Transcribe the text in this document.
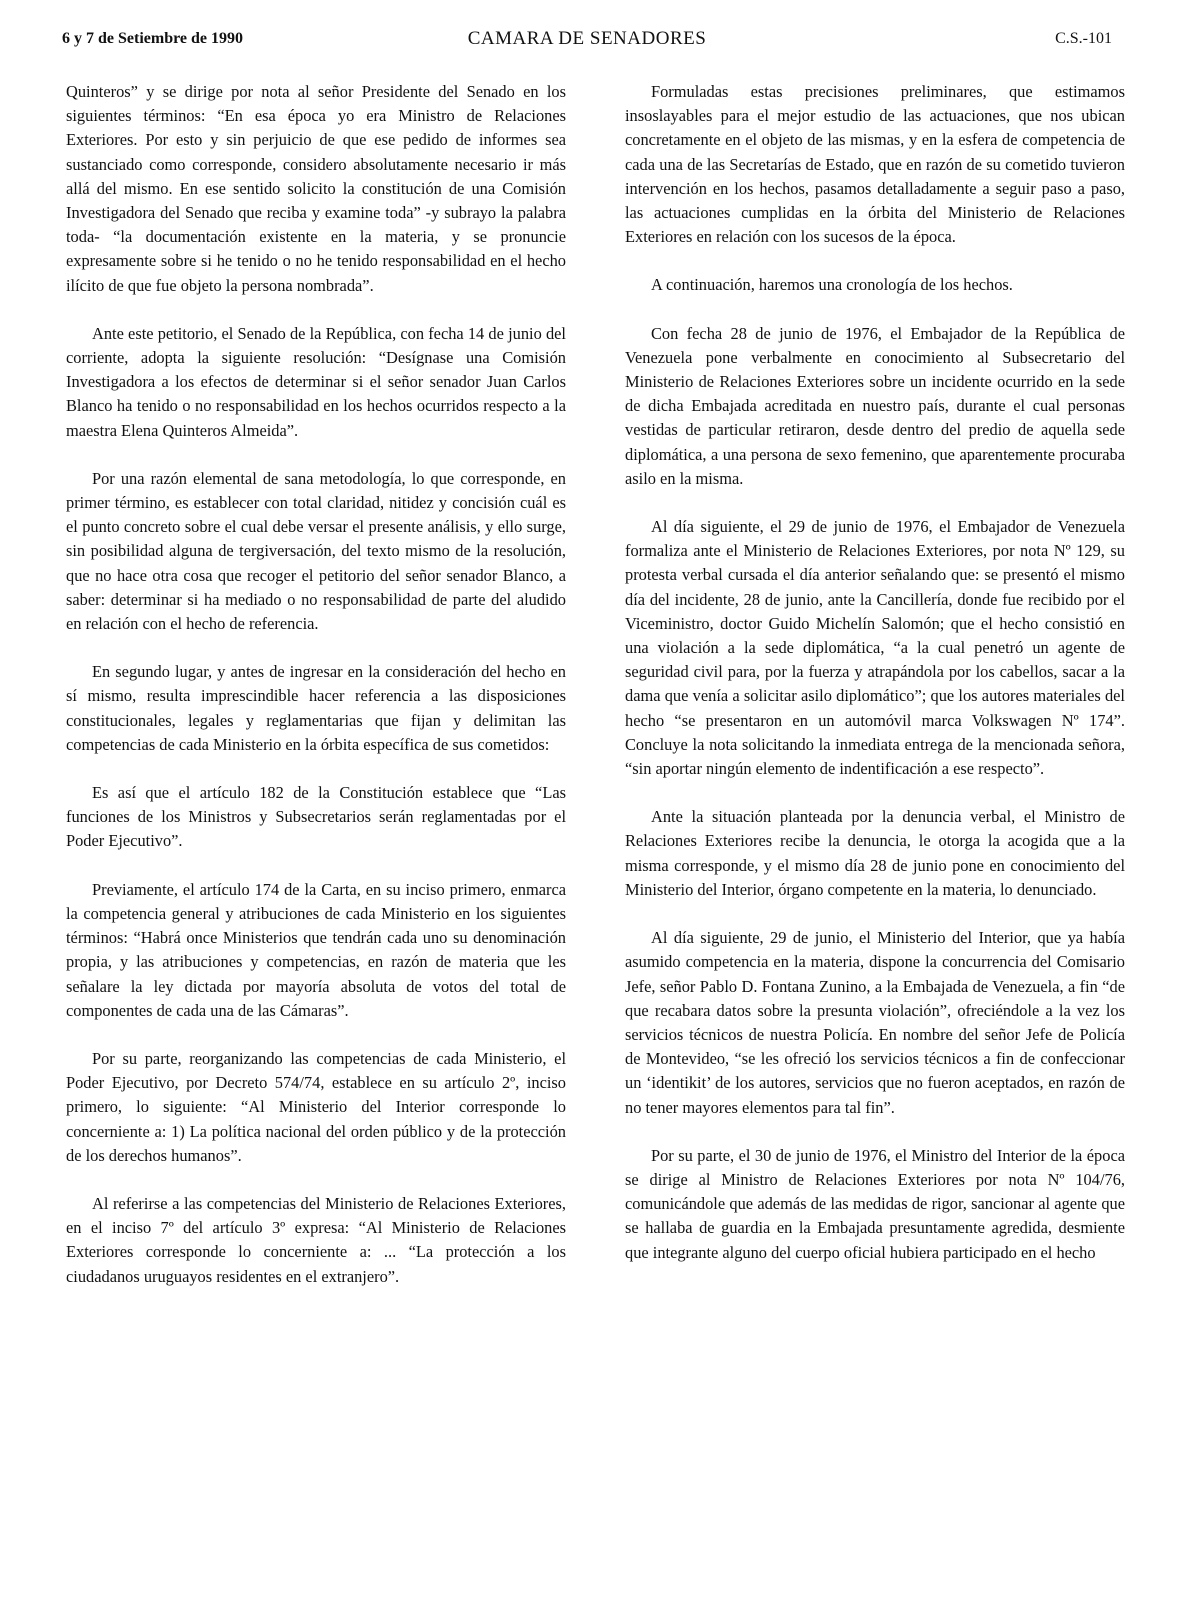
6 y 7 de Setiembre de 1990	CAMARA DE SENADORES	C.S.-101

Quinteros” y se dirige por nota al señor Presidente del Senado en los siguientes términos: “En esa época yo era Ministro de Relaciones Exteriores. Por esto y sin perjuicio de que ese pedido de informes sea sustanciado como corresponde, considero absolutamente necesario ir más allá del mismo. En ese sentido solicito la constitución de una Comisión Investigadora del Senado que reciba y examine toda” -y subrayo la palabra toda- “la documentación existente en la materia, y se pronuncie expresamente sobre si he tenido o no he tenido responsabilidad en el hecho ilícito de que fue objeto la persona nombrada”.

Ante este petitorio, el Senado de la República, con fecha 14 de junio del corriente, adopta la siguiente resolución: “Desígnase una Comisión Investigadora a los efectos de determinar si el señor senador Juan Carlos Blanco ha tenido o no responsabilidad en los hechos ocurridos respecto a la maestra Elena Quinteros Almeida”.

Por una razón elemental de sana metodología, lo que corresponde, en primer término, es establecer con total claridad, nitidez y concisión cuál es el punto concreto sobre el cual debe versar el presente análisis, y ello surge, sin posibilidad alguna de tergiversación, del texto mismo de la resolución, que no hace otra cosa que recoger el petitorio del señor senador Blanco, a saber: determinar si ha mediado o no responsabilidad de parte del aludido en relación con el hecho de referencia.

En segundo lugar, y antes de ingresar en la consideración del hecho en sí mismo, resulta imprescindible hacer referencia a las disposiciones constitucionales, legales y reglamentarias que fijan y delimitan las competencias de cada Ministerio en la órbita específica de sus cometidos:

Es así que el artículo 182 de la Constitución establece que “Las funciones de los Ministros y Subsecretarios serán reglamentadas por el Poder Ejecutivo”.

Previamente, el artículo 174 de la Carta, en su inciso primero, enmarca la competencia general y atribuciones de cada Ministerio en los siguientes términos: “Habrá once Ministerios que tendrán cada uno su denominación propia, y las atribuciones y competencias, en razón de materia que les señalare la ley dictada por mayoría absoluta de votos del total de componentes de cada una de las Cámaras”.

Por su parte, reorganizando las competencias de cada Ministerio, el Poder Ejecutivo, por Decreto 574/74, establece en su artículo 2º, inciso primero, lo siguiente: “Al Ministerio del Interior corresponde lo concerniente a: 1) La política nacional del orden público y de la protección de los derechos humanos”.

Al referirse a las competencias del Ministerio de Relaciones Exteriores, en el inciso 7º del artículo 3º expresa: “Al Ministerio de Relaciones Exteriores corresponde lo concerniente a: ... “La protección a los ciudadanos uruguayos residentes en el extranjero”.

Formuladas estas precisiones preliminares, que estimamos insoslayables para el mejor estudio de las actuaciones, que nos ubican concretamente en el objeto de las mismas, y en la esfera de competencia de cada una de las Secretarías de Estado, que en razón de su cometido tuvieron intervención en los hechos, pasamos detalladamente a seguir paso a paso, las actuaciones cumplidas en la órbita del Ministerio de Relaciones Exteriores en relación con los sucesos de la época.

A continuación, haremos una cronología de los hechos.

Con fecha 28 de junio de 1976, el Embajador de la República de Venezuela pone verbalmente en conocimiento al Subsecretario del Ministerio de Relaciones Exteriores sobre un incidente ocurrido en la sede de dicha Embajada acreditada en nuestro país, durante el cual personas vestidas de particular retiraron, desde dentro del predio de aquella sede diplomática, a una persona de sexo femenino, que aparentemente procuraba asilo en la misma.

Al día siguiente, el 29 de junio de 1976, el Embajador de Venezuela formaliza ante el Ministerio de Relaciones Exteriores, por nota Nº 129, su protesta verbal cursada el día anterior señalando que: se presentó el mismo día del incidente, 28 de junio, ante la Cancillería, donde fue recibido por el Viceministro, doctor Guido Michelín Salomón; que el hecho consistió en una violación a la sede diplomática, “a la cual penetró un agente de seguridad civil para, por la fuerza y atrapándola por los cabellos, sacar a la dama que venía a solicitar asilo diplomático”; que los autores materiales del hecho “se presentaron en un automóvil marca Volkswagen Nº 174”. Concluye la nota solicitando la inmediata entrega de la mencionada señora, “sin aportar ningún elemento de indentificación a ese respecto”.

Ante la situación planteada por la denuncia verbal, el Ministro de Relaciones Exteriores recibe la denuncia, le otorga la acogida que a la misma corresponde, y el mismo día 28 de junio pone en conocimiento del Ministerio del Interior, órgano competente en la materia, lo denunciado.

Al día siguiente, 29 de junio, el Ministerio del Interior, que ya había asumido competencia en la materia, dispone la concurrencia del Comisario Jefe, señor Pablo D. Fontana Zunino, a la Embajada de Venezuela, a fin “de que recabara datos sobre la presunta violación”, ofreciéndole a la vez los servicios técnicos de nuestra Policía. En nombre del señor Jefe de Policía de Montevideo, “se les ofreció los servicios técnicos a fin de confeccionar un ‘identikit’ de los autores, servicios que no fueron aceptados, en razón de no tener mayores elementos para tal fin”.

Por su parte, el 30 de junio de 1976, el Ministro del Interior de la época se dirige al Ministro de Relaciones Exteriores por nota Nº 104/76, comunicándole que además de las medidas de rigor, sancionar al agente que se hallaba de guardia en la Embajada presuntamente agredida, desmiente que integrante alguno del cuerpo oficial hubiera participado en el hecho
